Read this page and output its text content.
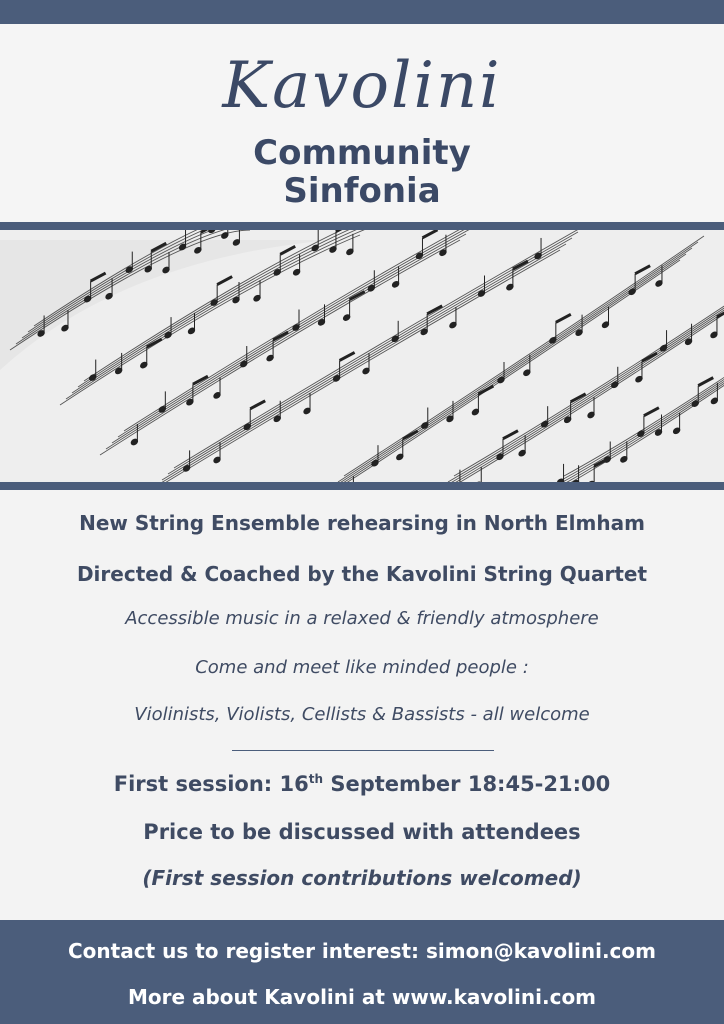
Kavolini
Community
Sinfonia
New String Ensemble rehearsing in North Elmham
Directed & Coached by the Kavolini String Quartet
Accessible music in a relaxed & friendly atmosphere
Come and meet like minded people :
Violinists, Violists, Cellists & Bassists - all welcome
First session: 16th September 18:45-21:00
Price to be discussed with attendees
(First session contributions welcomed)
Contact us to register interest: simon@kavolini.com
More about Kavolini at www.kavolini.com
